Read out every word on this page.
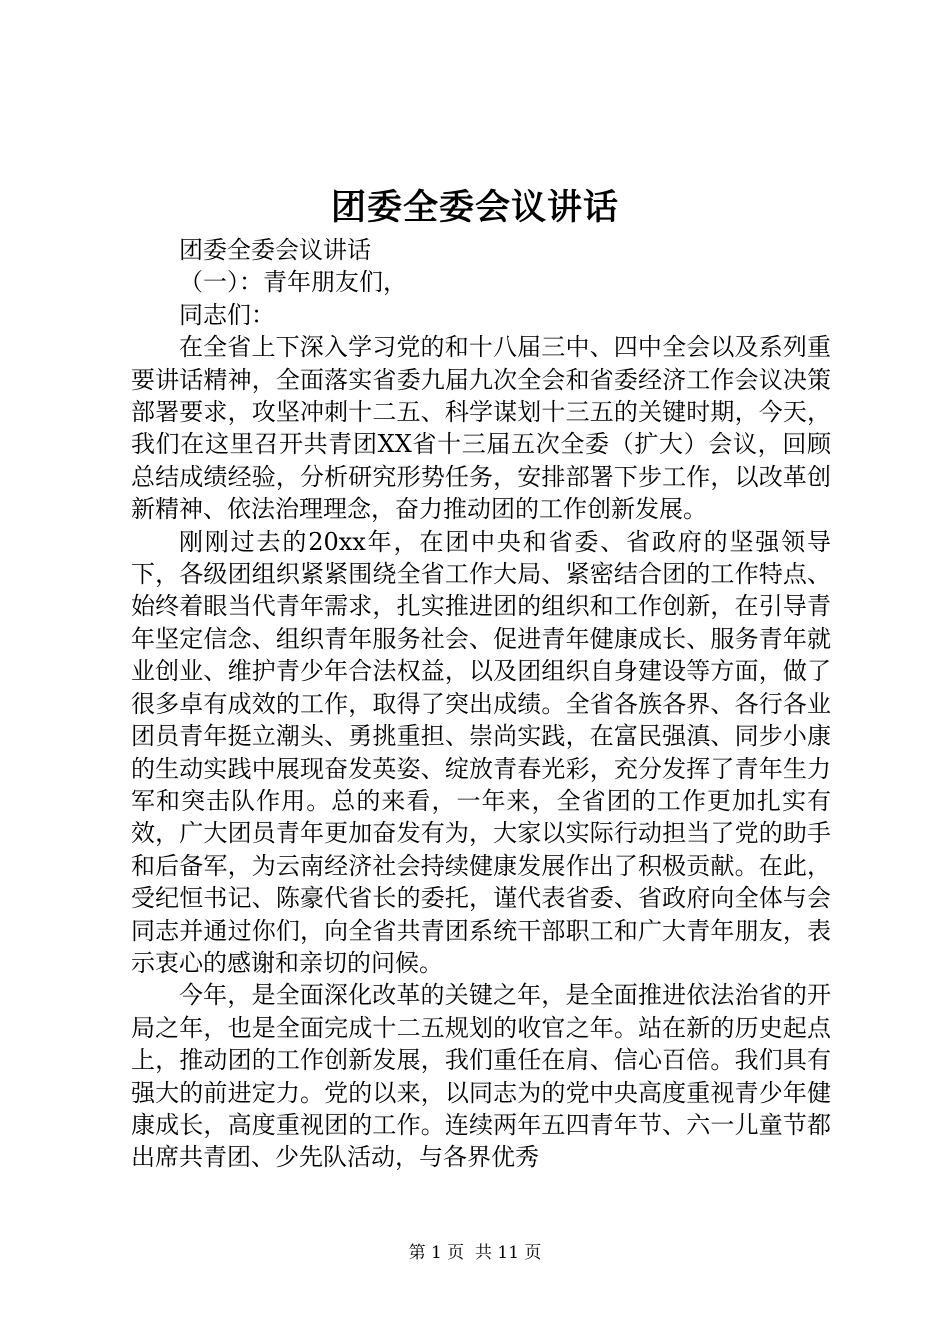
团委全委会议讲话

团委全委会议讲话

（一）：青年朋友们，

同志们：

在全省上下深入学习党的和十八届三中、四中全会以及系列重要讲话精神，全面落实省委九届九次全会和省委经济工作会议决策部署要求，攻坚冲刺十二五、科学谋划十三五的关键时期，今天，我们在这里召开共青团XX省十三届五次全委（扩大）会议，回顾总结成绩经验，分析研究形势任务，安排部署下步工作，以改革创新精神、依法治理理念，奋力推动团的工作创新发展。

刚刚过去的20xx年，在团中央和省委、省政府的坚强领导下，各级团组织紧紧围绕全省工作大局、紧密结合团的工作特点、始终着眼当代青年需求，扎实推进团的组织和工作创新，在引导青年坚定信念、组织青年服务社会、促进青年健康成长、服务青年就业创业、维护青少年合法权益，以及团组织自身建设等方面，做了很多卓有成效的工作，取得了突出成绩。全省各族各界、各行各业团员青年挺立潮头、勇挑重担、崇尚实践，在富民强滇、同步小康的生动实践中展现奋发英姿、绽放青春光彩，充分发挥了青年生力军和突击队作用。总的来看，一年来，全省团的工作更加扎实有效，广大团员青年更加奋发有为，大家以实际行动担当了党的助手和后备军，为云南经济社会持续健康发展作出了积极贡献。在此，受纪恒书记、陈豪代省长的委托，谨代表省委、省政府向全体与会同志并通过你们，向全省共青团系统干部职工和广大青年朋友，表示衷心的感谢和亲切的问候。

今年，是全面深化改革的关键之年，是全面推进依法治省的开局之年，也是全面完成十二五规划的收官之年。站在新的历史起点上，推动团的工作创新发展，我们重任在肩、信心百倍。我们具有强大的前进定力。党的以来，以同志为的党中央高度重视青少年健康成长，高度重视团的工作。连续两年五四青年节、六一儿童节都出席共青团、少先队活动，与各界优秀

第 1 页  共 11 页
